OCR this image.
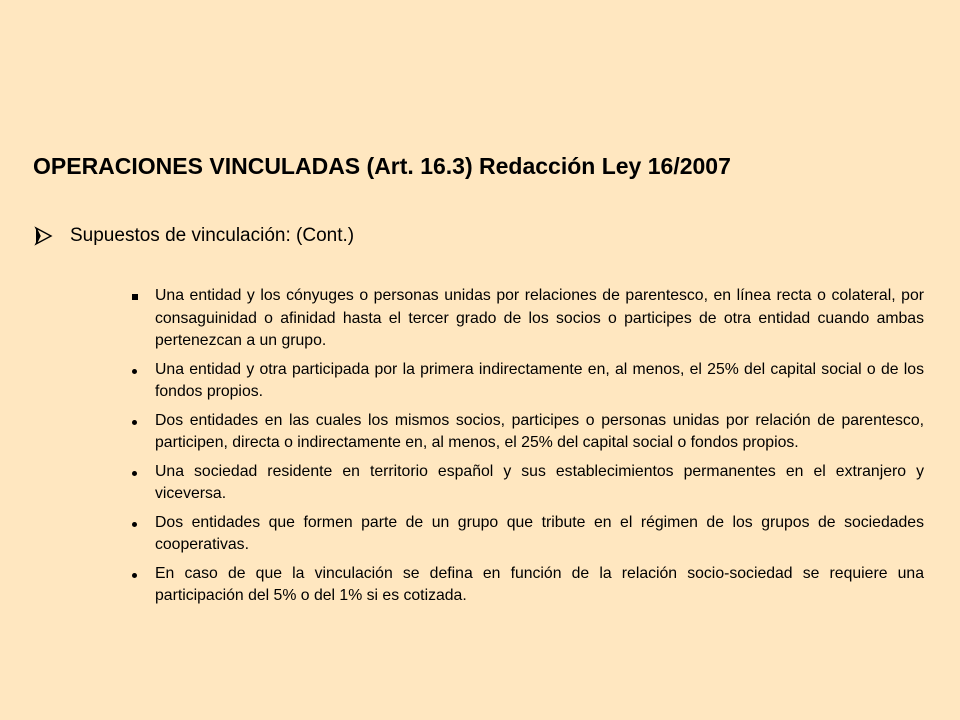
OPERACIONES VINCULADAS (Art. 16.3) Redacción Ley 16/2007
Supuestos de vinculación: (Cont.)
Una entidad y los cónyuges o personas unidas por relaciones de parentesco, en línea recta o colateral, por consaguinidad o afinidad hasta el tercer grado de los socios o participes de otra entidad cuando ambas pertenezcan a un grupo.
Una entidad y otra participada por la primera indirectamente en, al menos, el 25% del capital social o de los fondos propios.
Dos entidades en las cuales los mismos socios, participes o personas unidas por relación de parentesco, participen, directa o indirectamente en, al menos, el 25% del capital social o fondos propios.
Una sociedad residente en territorio español y sus establecimientos permanentes en el extranjero y viceversa.
Dos entidades que formen parte de un grupo que tribute en el régimen de los grupos de sociedades cooperativas.
En caso de que la vinculación se defina en función de la relación socio-sociedad se requiere una participación del 5% o del 1% si es cotizada.
